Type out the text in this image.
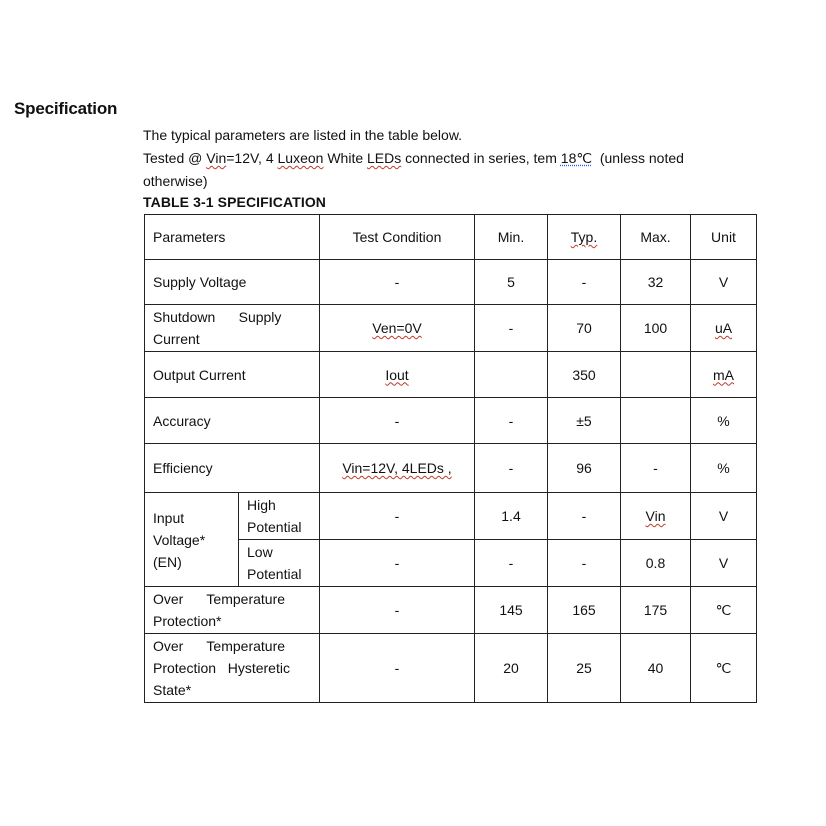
Specification
The typical parameters are listed in the table below.
Tested @ Vin=12V, 4 Luxeon White LEDs connected in series, tem 18℃  (unless noted
otherwise)
TABLE 3-1 SPECIFICATION
Parameters		Test Condition	Min.	Typ.	Max.	Unit
Supply Voltage		-	5	-	32	V

Shutdown      Supply
Current		Ven=0V	-	70	100	uA
Output Current		Iout		350		mA
Accuracy		-	-	±5		%
Efficiency		Vin=12V, 4LEDs ,	-	96	-	%

Input
Voltage*
(EN)	High
Potential	-	1.4	-	Vin	V

	Low
Potential	-	-	-	0.8	V

Over      Temperature
Protection*		-	145	165	175	℃

Over      Temperature
Protection   Hysteretic
State*		-	20	25	40	℃
